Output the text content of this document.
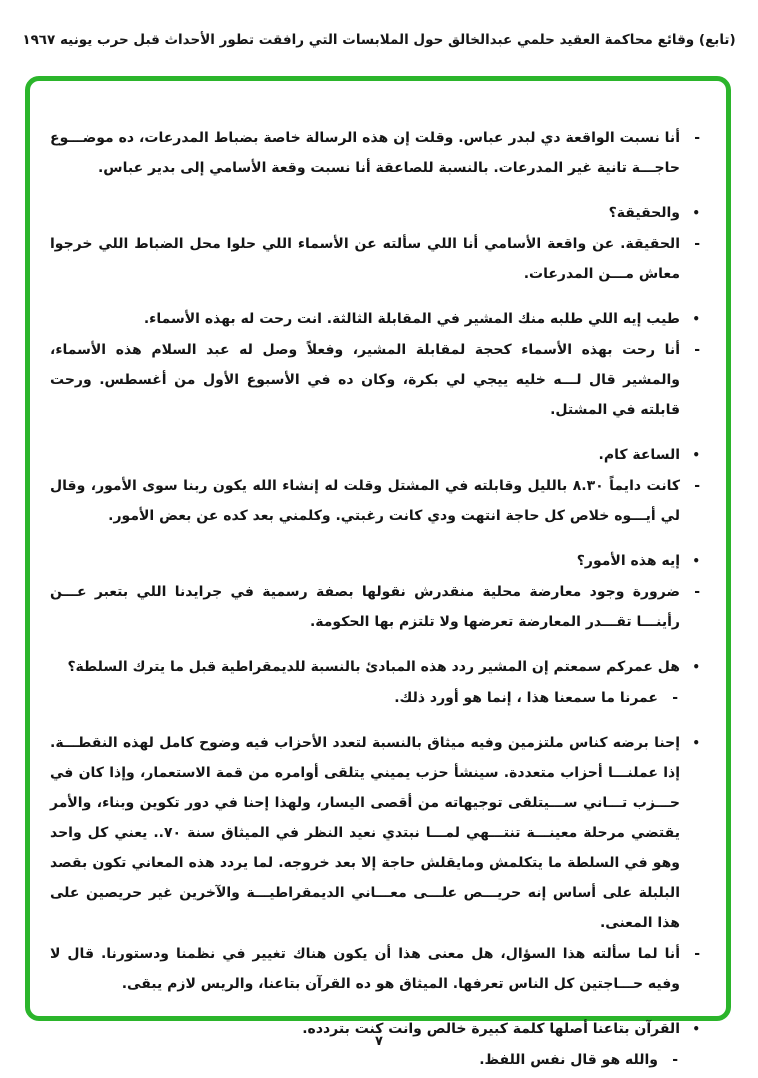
(تابع) وقائع محاكمة العقيد حلمي عبدالخالق حول الملابسات التي رافقت تطور الأحداث قبل حرب يونيه ١٩٦٧
-
أنا نسبت الواقعة دي لبدر عباس. وقلت إن هذه الرسالة خاصة بضباط المدرعات، ده موضـــوع حاجـــة تانية غير المدرعات. بالنسبة للصاعقة أنا نسبت وقعة الأسامي إلى بدير عباس.
•
والحقيقة؟
-
الحقيقة. عن واقعة الأسامي أنا اللي سألته عن الأسماء اللي حلوا محل الضباط اللي خرجوا معاش مـــن المدرعات.
•
طيب إيه اللي طلبه منك المشير في المقابلة الثالثة. انت رحت له بهذه الأسماء.
-
أنا رحت بهذه الأسماء كحجة لمقابلة المشير، وفعلاً وصل له عبد السلام هذه الأسماء، والمشير قال لـــه خليه ييجي لي بكرة، وكان ده في الأسبوع الأول من أغسطس. ورحت قابلته في المشتل.
•
الساعة كام.
-
كانت دايماً ٨.٣٠ بالليل وقابلته في المشتل وقلت له إنشاء الله يكون ربنا سوى الأمور، وقال لي أيـــوه خلاص كل حاجة انتهت ودي كانت رغبتي. وكلمني بعد كده عن بعض الأمور.
•
إيه هذه الأمور؟
-
ضرورة وجود معارضة محلية منقدرش نقولها بصفة رسمية في جرايدنا اللي بتعبر عـــن رأينـــا تقـــدر المعارضة تعرضها ولا تلتزم بها الحكومة.
•
هل عمركم سمعتم إن المشير ردد هذه المبادئ بالنسبة للديمقراطية قبل ما يترك السلطة؟
-
عمرنا ما سمعنا هذا ، إنما هو أورد ذلك.
•
إحنا برضه كناس ملتزمين وفيه ميثاق بالنسبة لتعدد الأحزاب فيه وضوح كامل لهذه النقطـــة. إذا عملنـــا أحزاب متعددة. سينشأ حزب يميني يتلقى أوامره من قمة الاستعمار، وإذا كان في حـــزب تـــاني ســـيتلقى توجيهاته من أقصى اليسار، ولهذا إحنا في دور تكوين وبناء، والأمر يقتضي مرحلة معينـــة تنتـــهي لمـــا نبتدي نعيد النظر في الميثاق سنة ٧٠.. يعني كل واحد وهو في السلطة ما يتكلمش ومايقلش حاجة إلا بعد خروجه. لما يردد هذه المعاني تكون بقصد البلبلة على أساس إنه حريـــص علـــى معـــاني الديمقراطيـــة والآخرين غير حريصين على هذا المعنى.
-
أنا لما سألته هذا السؤال، هل معنى هذا أن يكون هناك تغيير في نظمنا ودستورنا. قال لا وفيه حـــاجتين كل الناس تعرفها. الميثاق هو ده القرآن بتاعنا، والريس لازم يبقى.
•
القرآن بتاعنا أصلها كلمة كبيرة خالص وانت كنت بتردده.
-
والله هو قال نفس اللفظ.
٧
